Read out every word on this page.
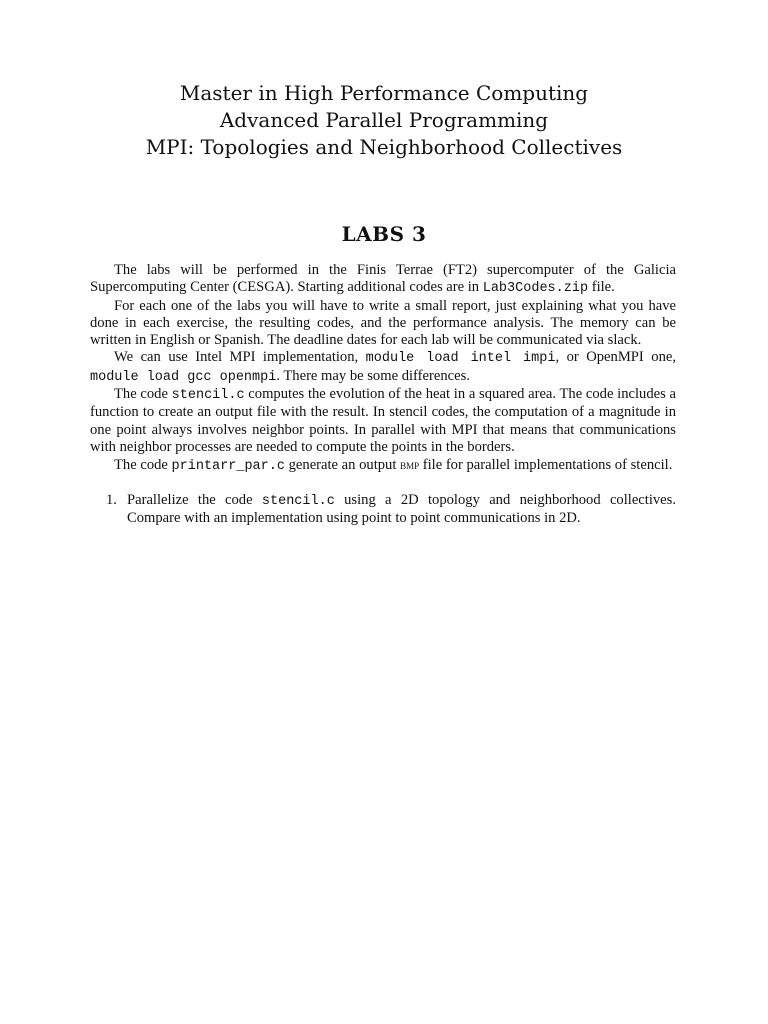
Master in High Performance Computing
Advanced Parallel Programming
MPI: Topologies and Neighborhood Collectives
LABS 3

The labs will be performed in the Finis Terrae (FT2) supercomputer of the Galicia Supercomputing Center (CESGA). Starting additional codes are in Lab3Codes.zip file.

For each one of the labs you will have to write a small report, just explaining what you have done in each exercise, the resulting codes, and the performance analysis. The memory can be written in English or Spanish. The deadline dates for each lab will be communicated via slack.

We can use Intel MPI implementation, module load intel impi, or OpenMPI one, module load gcc openmpi. There may be some differences.

The code stencil.c computes the evolution of the heat in a squared area. The code includes a function to create an output file with the result. In stencil codes, the computation of a magnitude in one point always involves neighbor points. In parallel with MPI that means that communications with neighbor processes are needed to compute the points in the borders.

The code printarr_par.c generate an output bmp file for parallel implementations of stencil.

1. Parallelize the code stencil.c using a 2D topology and neighborhood collectives. Compare with an implementation using point to point communications in 2D.
